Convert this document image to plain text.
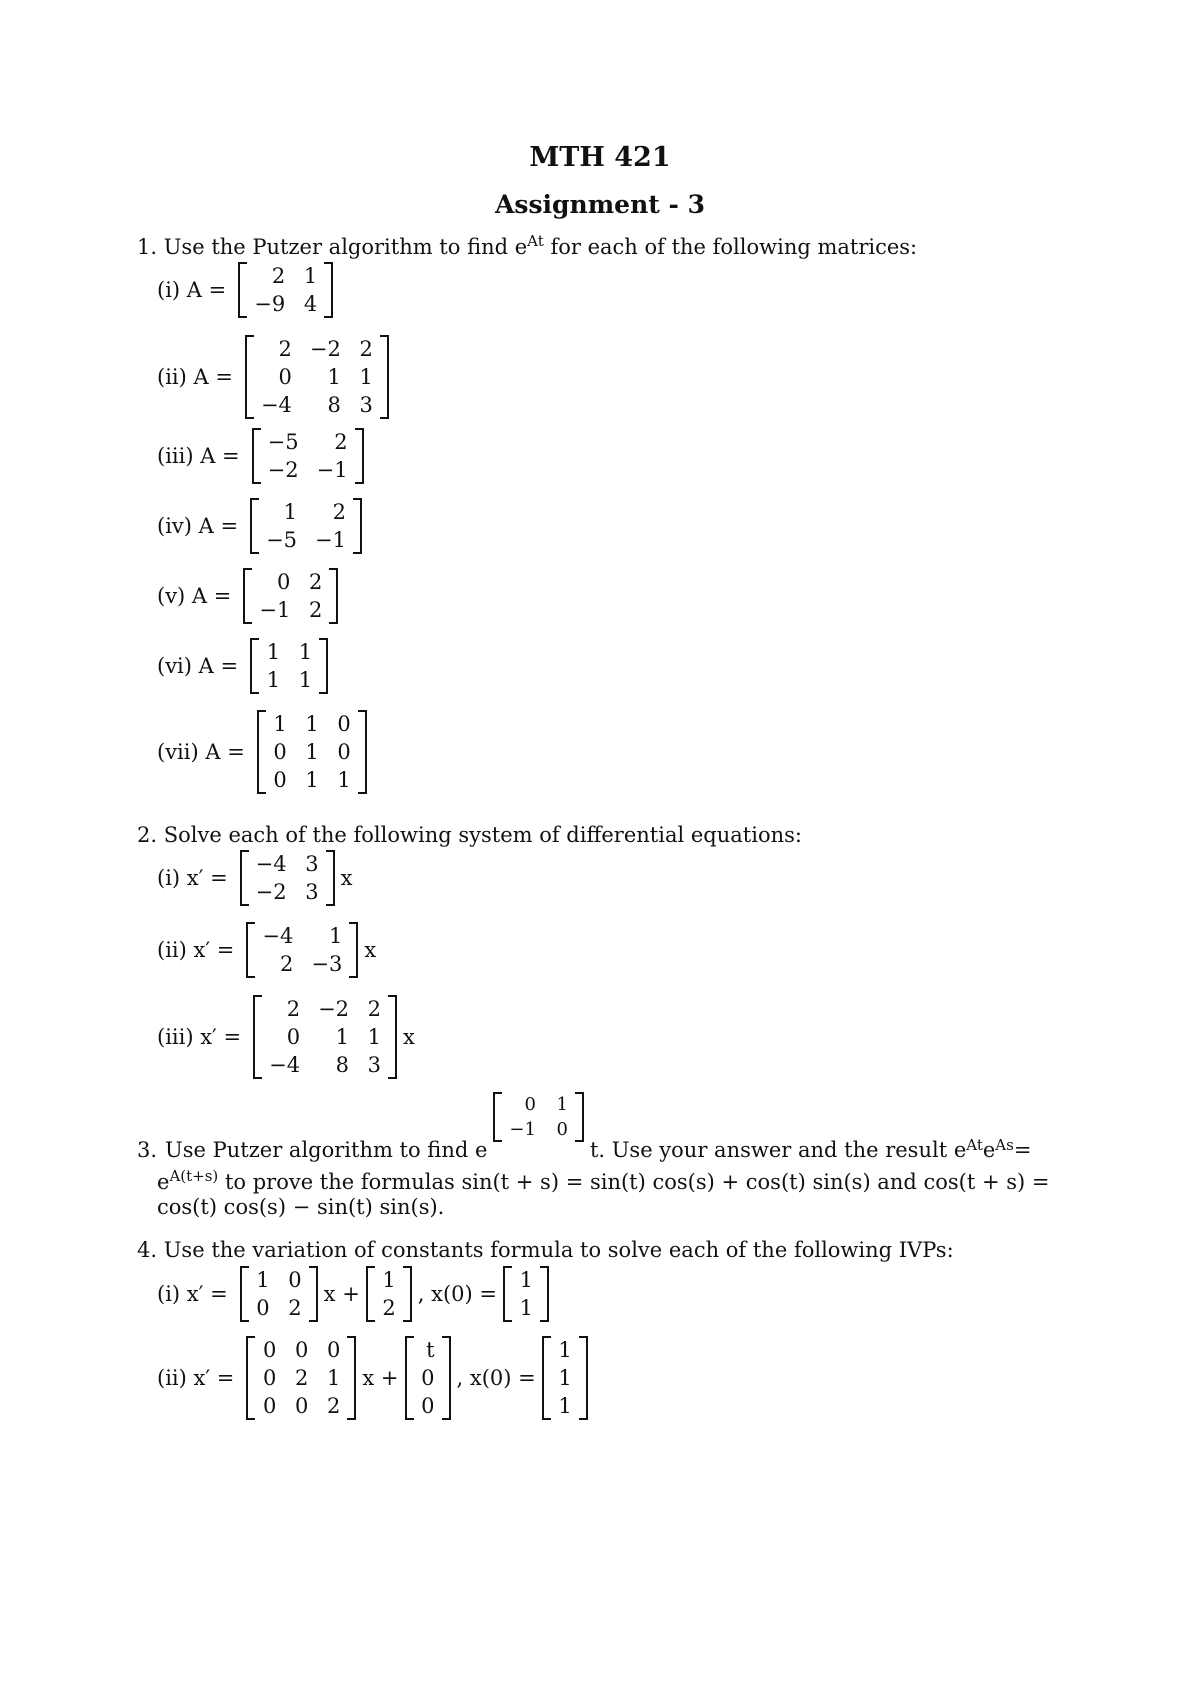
MTH 421
Assignment - 3
1. Use the Putzer algorithm to find $e^{At}$ for each of the following matrices:
(i) A =
2 1
−9 4
(ii) A =
2 −2 2
0	1 1
−4	8 3
(iii) A =
−5	2
−2 −1
(iv) A =
1	2
−5 −1
(v) A =
0 2
−1 2
(vi) A =
1 1
1 1
(vii) A =
1 1 0
0 1 0
0 1 1
2. Solve each of the following system of differential equations:
(i) x′ =
−4 3
−2 3
x
(ii) x′ =
−4	1
2 −3
x
(iii) x′ =
2 −2 2
0	1 1
−4	8 3
x
3. Use Putzer algorithm to find e
0 1
−1 0
t. Use your answer and the result $e^{At}$ $e^{As}$ =
$e^{A(t+s)}$ to prove the formulas sin(t + s) = sin(t) cos(s) + cos(t) sin(s) and cos(t + s) =
cos(t) cos(s) − sin(t) sin(s).
4. Use the variation of constants formula to solve each of the following IVPs:
(i) x′ =
1 0
0 2
x +
1
2
, x(0) =
1
1
(ii) x′ =
0 0 0
0 2 1
0 0 2
x +
t
0
0
, x(0) =
1
1
1
